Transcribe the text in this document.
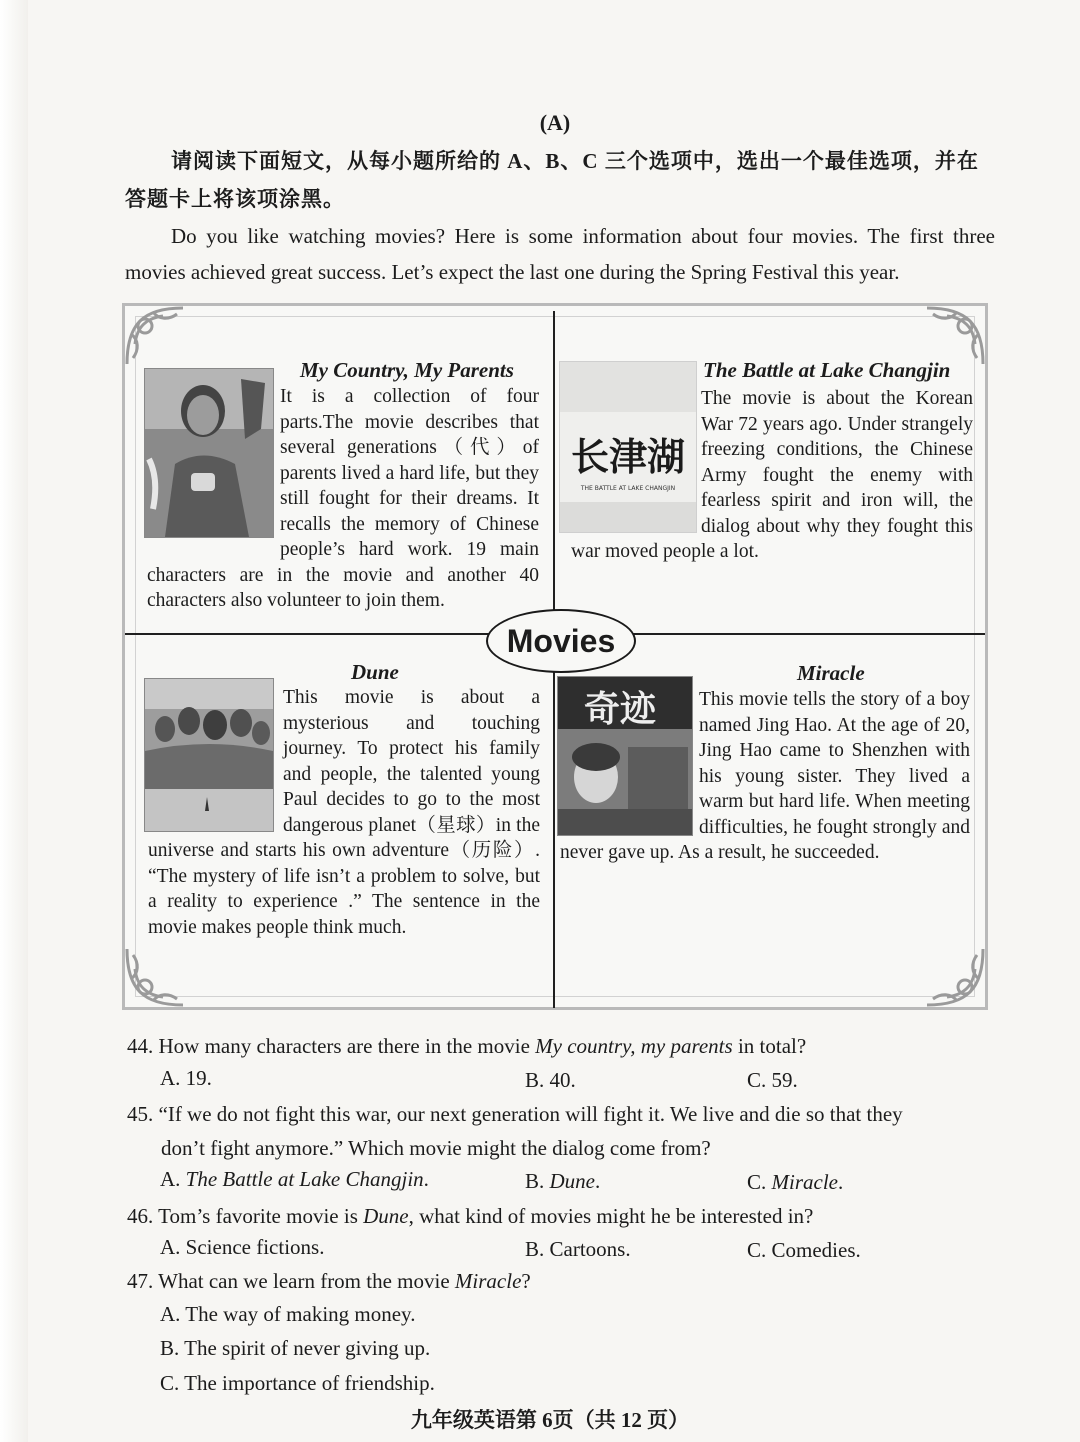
(A)
请阅读下面短文，从每小题所给的 A、B、C 三个选项中，选出一个最佳选项，并在答题卡上将该项涂黑。
Do you like watching movies? Here is some information about four movies. The first three movies achieved great success. Let’s expect the last one during the Spring Festival this year.
My Country, My Parents
It is a collection of four parts.The movie describes that several generations（代）of parents lived a hard life, but they still fought for their dreams. It recalls the memory of Chinese people’s hard work. 19 main characters are in the movie and another 40 characters also volunteer to join them.
长津湖
THE BATTLE AT LAKE CHANGJIN
The Battle at Lake Changjin
The movie is about the Korean War 72 years ago. Under strangely freezing conditions, the Chinese Army fought the enemy with fearless spirit and iron will, the dialog about why they fought this war moved people a lot.
Dune
This movie is about a mysterious and touching journey. To protect his family and people, the talented young Paul decides to go to the most dangerous planet（星球）in the universe and starts his own adventure（历险）. “The mystery of life isn’t a problem to solve, but a reality to experience .” The sentence in the movie makes people think much.
奇迹
Miracle
This movie tells the story of a boy named Jing Hao. At the age of 20, Jing Hao came to Shenzhen with his young sister. They lived a warm but hard life. When meeting difficulties, he fought strongly and never gave up. As a result, he succeeded.
Movies
44. How many characters are there in the movie My country, my parents in total?
A. 19.	B. 40.	C. 59.
45. “If we do not fight this war, our next generation will fight it. We live and die so that they
don’t fight anymore.” Which movie might the dialog come from?
A. The Battle at Lake Changjin.	B. Dune.	C. Miracle.
46. Tom’s favorite movie is Dune, what kind of movies might he be interested in?
A. Science fictions.	B. Cartoons.	C. Comedies.
47. What can we learn from the movie Miracle?
A. The way of making money.
B. The spirit of never giving up.
C. The importance of friendship.
九年级英语第 6页（共 12 页）
